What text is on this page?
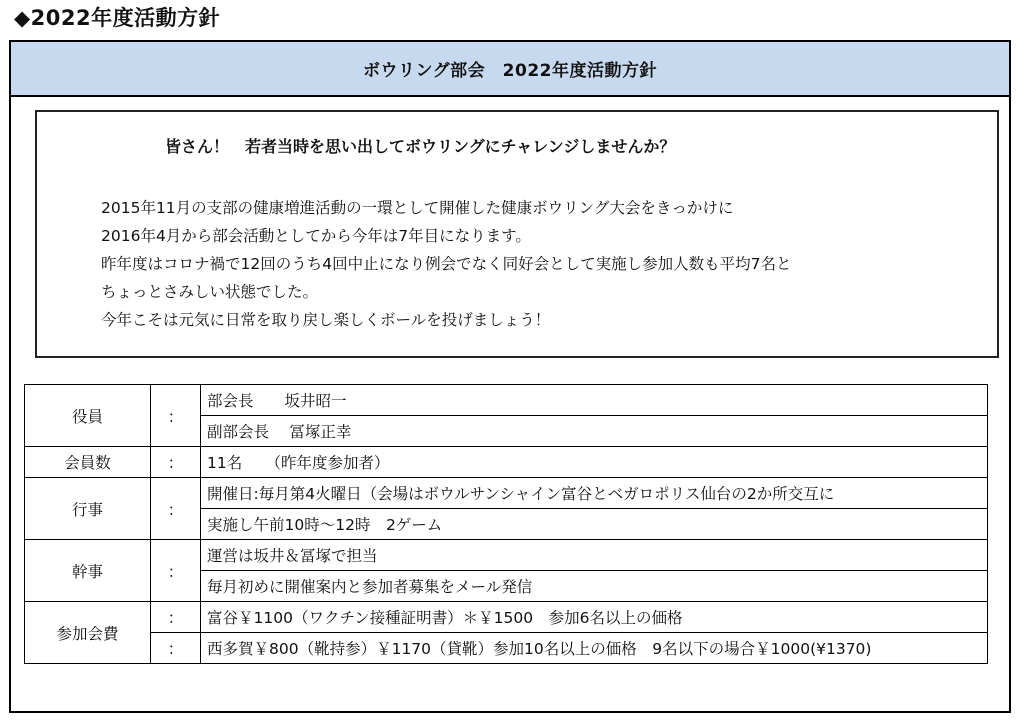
◆2022年度活動方針
ボウリング部会　2022年度活動方針
皆さん！　若者当時を思い出してボウリングにチャレンジしませんか？
2015年11月の支部の健康増進活動の一環として開催した健康ボウリング大会をきっかけに
2016年4月から部会活動としてから今年は7年目になります。
昨年度はコロナ禍で12回のうち4回中止になり例会でなく同好会として実施し参加人数も平均7名と
ちょっとさみしい状態でした。
今年こそは元気に日常を取り戻し楽しくボールを投げましょう！
役員	：	部会長　　坂井昭一
		副部会長　 冨塚正幸
会員数	：	11名　　（昨年度参加者）
行事	：	開催日:毎月第4火曜日（会場はボウルサンシャイン富谷とベガロポリス仙台の2か所交互に
		実施し午前10時～12時　2ゲーム
幹事	：	運営は坂井＆冨塚で担当
		毎月初めに開催案内と参加者募集をメール発信
参加会費	：	富谷￥1100（ワクチン接種証明書）＊￥1500　参加6名以上の価格
	：	西多賀￥800（靴持参）￥1170（貸靴）参加10名以上の価格　9名以下の場合￥1000(¥1370)
